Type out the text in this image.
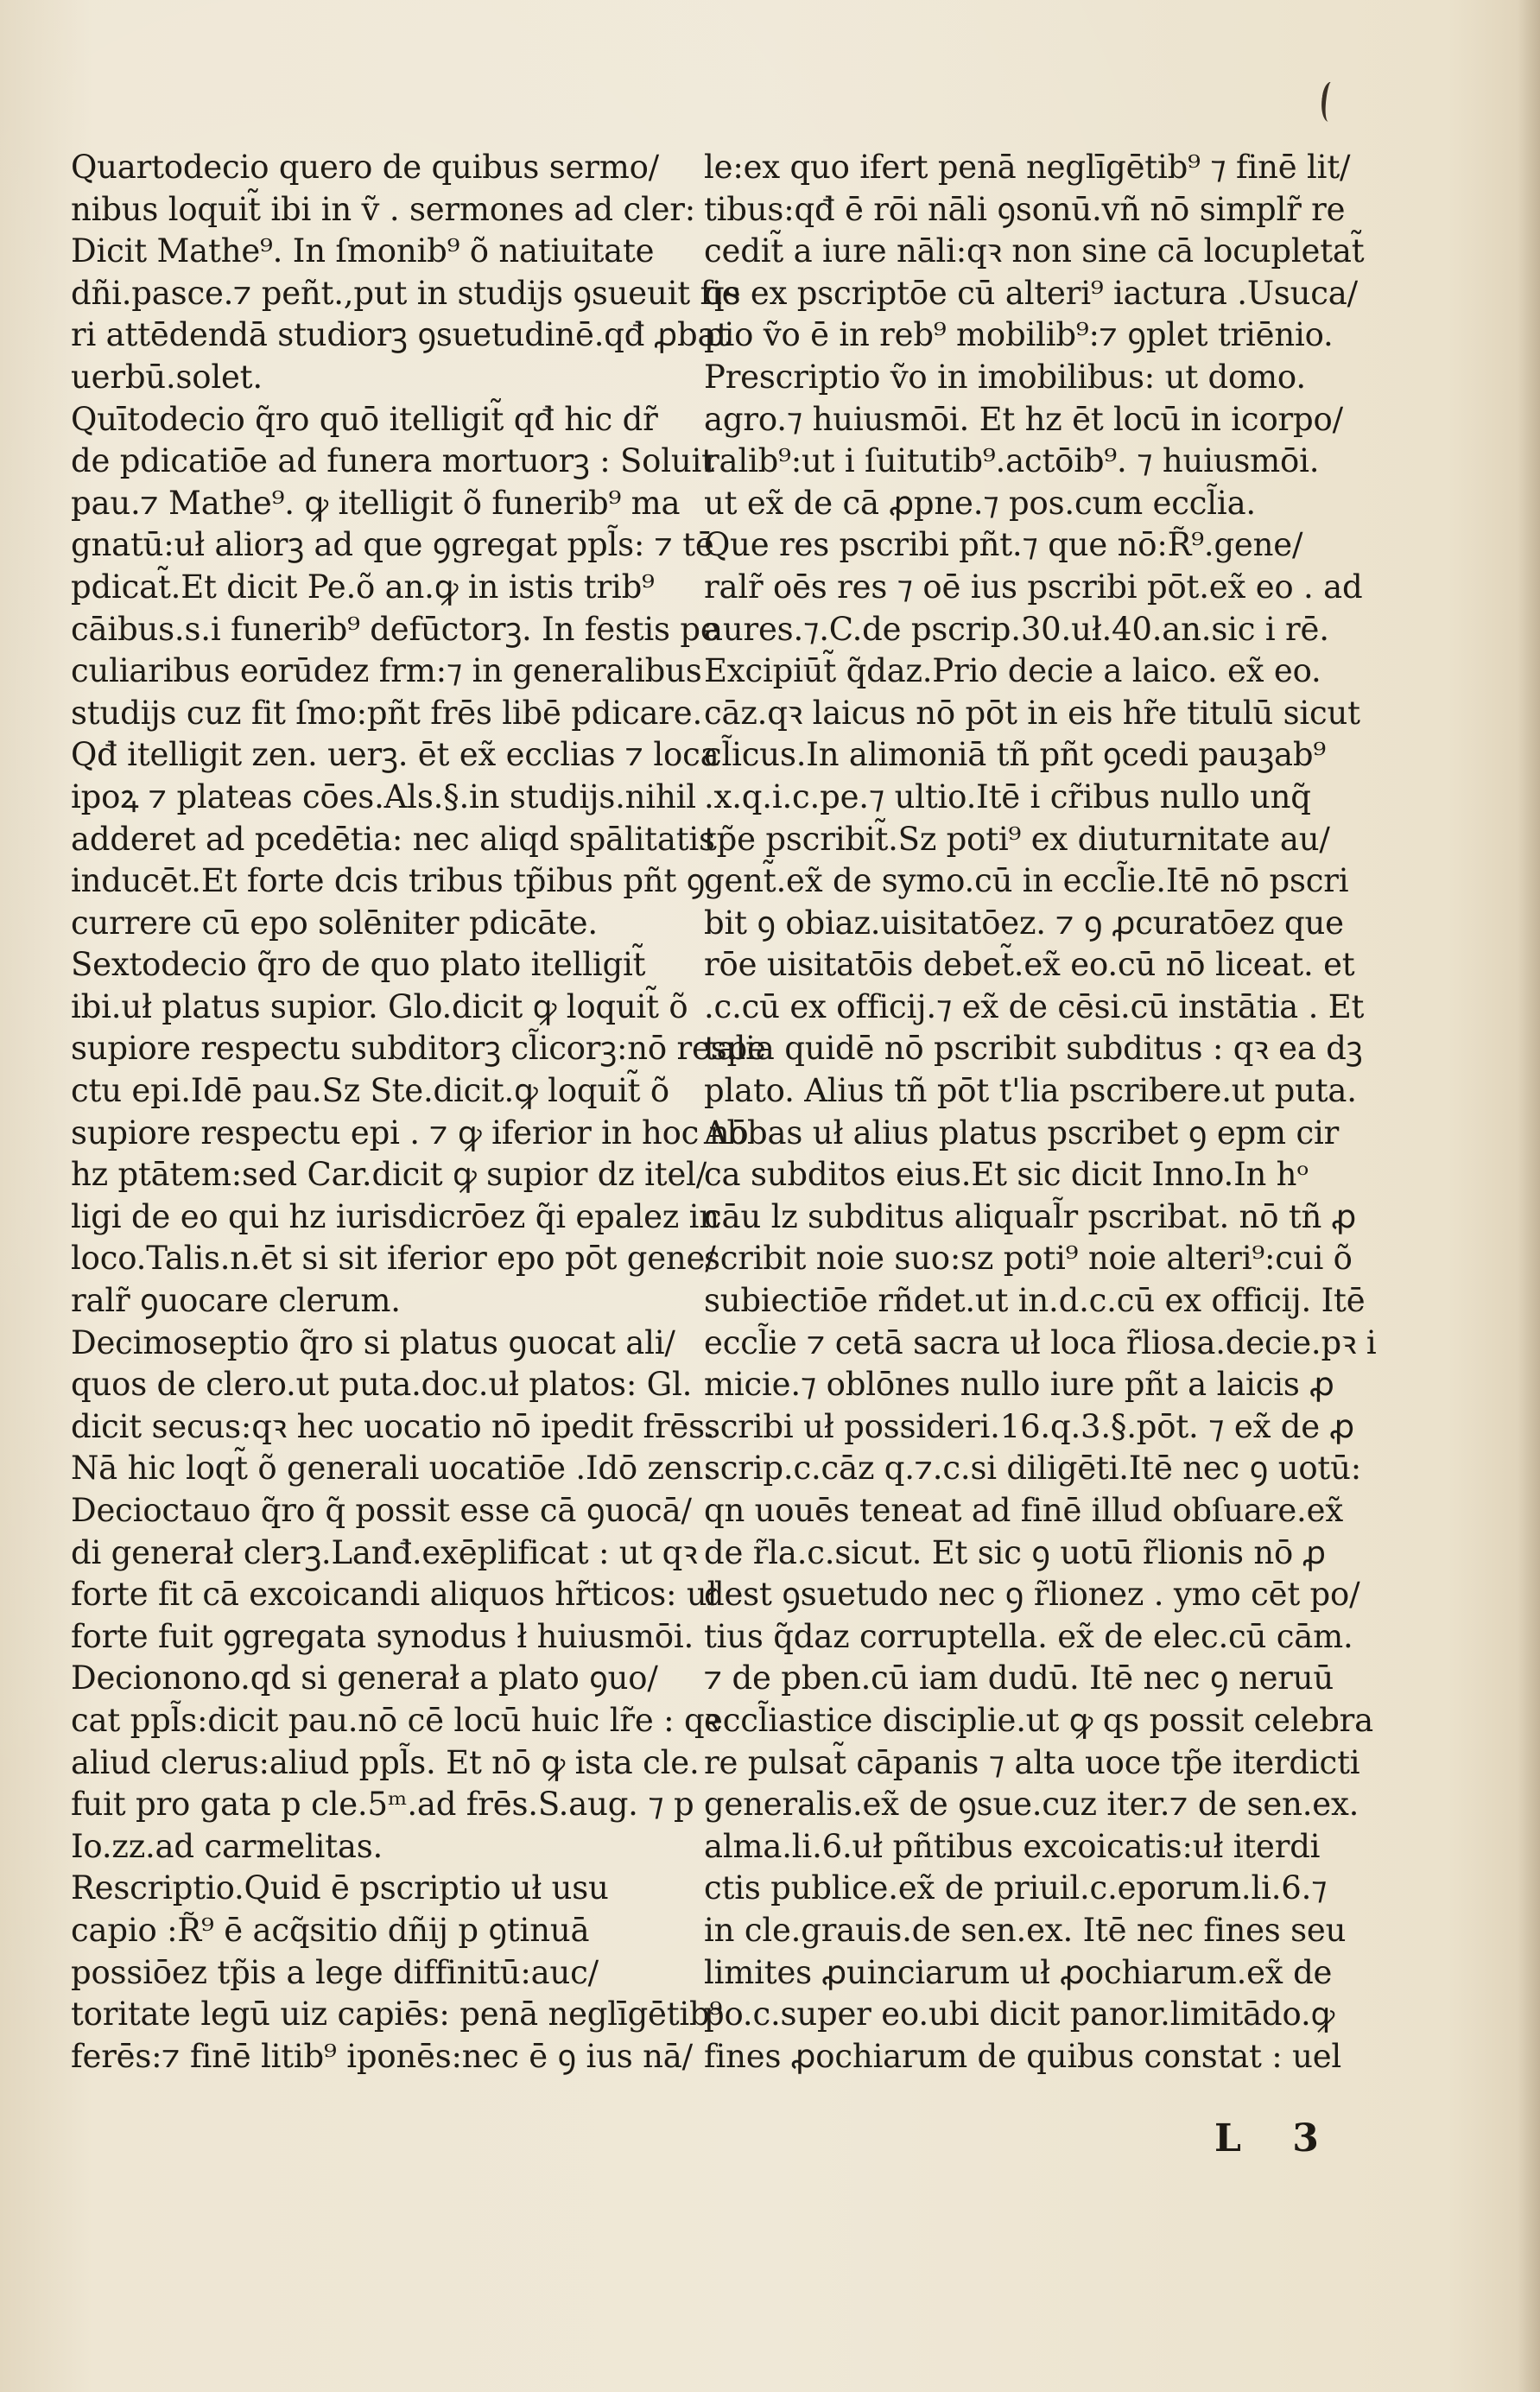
Quartodecio quero de quibus sermo/
nibus loquit̃ ibi in ṽ . sermones ad cler:
Dicit Mathe⁹. In ſmonib⁹ õ natiuitate
dñi.pasce.⁊ peñt.,put in studijs ꝯsueuit fie
ri attēdendā studiorꝫ ꝯsuetudinē.qđ ꝓbat
uerbū.solet.
Quītodecio q̃ro quō itelligit̃ qđ hic dr̃
de pdicatiōe ad funera mortuorꝫ : Soluit
pau.⁊ Mathe⁹. ꝙ itelligit õ funerib⁹ ma
gnatū:uł aliorꝫ ad que ꝯgregat ppl̃s: ⁊ tē
pdicat̃.Et dicit Pe.õ an.ꝙ in istis trib⁹
cāibus.s.i funerib⁹ defūctorꝫ. In festis pe
culiaribus eorūdez frm:⁊ in generalibus
studijs cuz fit ſmo:pñt frēs libē pdicare.
Qđ itelligit zen. uerꝫ. ēt ex̃ ecclias ⁊ loca
ipoꝝ ⁊ plateas cōes.Als.§.in studijs.nihil
adderet ad pcedētia: nec aliqd spālitatis
inducēt.Et forte dcis tribus tp̃ibus pñt ꝯ
currere cū epo solēniter pdicāte.
Sextodecio q̃ro de quo plato itelligit̃
ibi.uł platus supior. Glo.dicit ꝙ loquit̃ õ
supiore respectu subditorꝫ cl̃icorꝫ:nō respe
ctu epi.Idē pau.Sz Ste.dicit.ꝙ loquit̃ õ
supiore respectu epi . ⁊ ꝙ iferior in hoc nō
hz ptātem:sed Car.dicit ꝙ supior dz itel/
ligi de eo qui hz iurisdicrōez q̃i epalez in
loco.Talis.n.ēt si sit iferior epo pōt gene/
ralr̃ ꝯuocare clerum.
Decimoseptio q̃ro si platus ꝯuocat ali/
quos de clero.ut puta.doc.uł platos: Gl.
dicit secus:qꝛ hec uocatio nō ipedit frēs.
Nā hic loqt̃ õ generali uocatiōe .Idō zen.
Decioctauo q̃ro q̃ possit esse cā ꝯuocā/
di generał clerꝫ.Lanđ.exēplificat : ut qꝛ
forte fit cā excoicandi aliquos hr̃ticos: uł
forte fuit ꝯgregata synodus ł huiusmōi.
Decionono.qd si generał a plato ꝯuo/
cat ppl̃s:dicit pau.nō cē locū huic lr̃e : qꝛ
aliud clerus:aliud ppl̃s. Et nō ꝙ ista cle.
fuit pro gata p cle.5ᵐ.ad frēs.S.aug. ⁊ p
Io.zz.ad carmelitas.
Rescriptio.Quid ē pscriptio uł usu
capio :R̃⁹ ē acq̃sitio dñij p ꝯtinuā
possiōez tp̃is a lege diffinitū:auc/
toritate legū uiz capiēs: penā neglīgētib⁹
ferēs:⁊ finē litib⁹ iponēs:nec ē ꝯ ius nā/
le:ex quo ifert penā neglīgētib⁹ ⁊ finē lit/
tibus:qđ ē rōi nāli ꝯsonū.vñ nō simplr̃ re
cedit̃ a iure nāli:qꝛ non sine cā locupletat̃
qs ex pscriptōe cū alteri⁹ iactura .Usuca/
pio ṽo ē in reb⁹ mobilib⁹:⁊ ꝯplet triēnio.
Prescriptio ṽo in imobilibus: ut domo.
agro.⁊ huiusmōi. Et hz ēt locū in icorpo/
ralib⁹:ut i ſuitutib⁹.actōib⁹. ⁊ huiusmōi.
ut ex̃ de cā ꝓpne.⁊ pos.cum eccl̃ia.
Que res pscribi pñt.⁊ que nō:R̃⁹.gene/
ralr̃ oēs res ⁊ oē ius pscribi pōt.ex̃ eo . ad
aures.⁊.C.de pscrip.30.uł.40.an.sic i rē.
Excipiūt̃ q̃daz.Prio decie a laico. ex̃ eo.
cāz.qꝛ laicus nō pōt in eis hr̃e titulū sicut
cl̃icus.In alimoniā tñ pñt ꝯcedi pauꝫab⁹
.x.q.i.c.pe.⁊ ultio.Itē i cr̃ibus nullo unq̃
tp̃e pscribit̃.Sz poti⁹ ex diuturnitate au/
gent̃.ex̃ de symo.cū in eccl̃ie.Itē nō pscri
bit ꝯ obiaz.uisitatōez. ⁊ ꝯ ꝓcuratōez que
rōe uisitatōis debet̃.ex̃ eo.cū nō liceat. et
.c.cū ex officij.⁊ ex̃ de cēsi.cū instātia . Et
talia quidē nō pscribit subditus : qꝛ ea dꝫ
plato. Alius tñ pōt t'lia pscribere.ut puta.
Abbas uł alius platus pscribet ꝯ epm cir
ca subditos eius.Et sic dicit Inno.In hᵒ
cāu lz subditus aliqual̃r pscribat. nō tñ ꝓ
scribit noie suo:sz poti⁹ noie alteri⁹:cui õ
subiectiōe rñdet.ut in.d.c.cū ex officij. Itē
eccl̃ie ⁊ cetā sacra uł loca r̃liosa.decie.pꝛ i
micie.⁊ oblōnes nullo iure pñt a laicis ꝓ
scribi uł possideri.16.q.3.§.pōt. ⁊ ex̃ de ꝓ
scrip.c.cāz q.⁊.c.si diligēti.Itē nec ꝯ uotū:
qn uouēs teneat ad finē illud obſuare.ex̃
de r̃la.c.sicut. Et sic ꝯ uotū r̃lionis nō ꝓ
dest ꝯsuetudo nec ꝯ r̃lionez . ymo cēt po/
tius q̃daz corruptella. ex̃ de elec.cū cām.
⁊ de pben.cū iam dudū. Itē nec ꝯ neruū
eccl̃iastice disciplie.ut ꝙ qs possit celebra
re pulsat̃ cāpanis ⁊ alta uoce tp̃e iterdicti
generalis.ex̃ de ꝯsue.cuz iter.⁊ de sen.ex.
alma.li.6.uł pñtibus excoicatis:uł iterdi
ctis publice.ex̃ de priuil.c.eporum.li.6.⁊
in cle.grauis.de sen.ex. Itē nec fines seu
limites ꝓuinciarum uł ꝓochiarum.ex̃ de
po.c.super eo.ubi dicit panor.limitādo.ꝙ
fines ꝓochiarum de quibus constat : uel
L 3
